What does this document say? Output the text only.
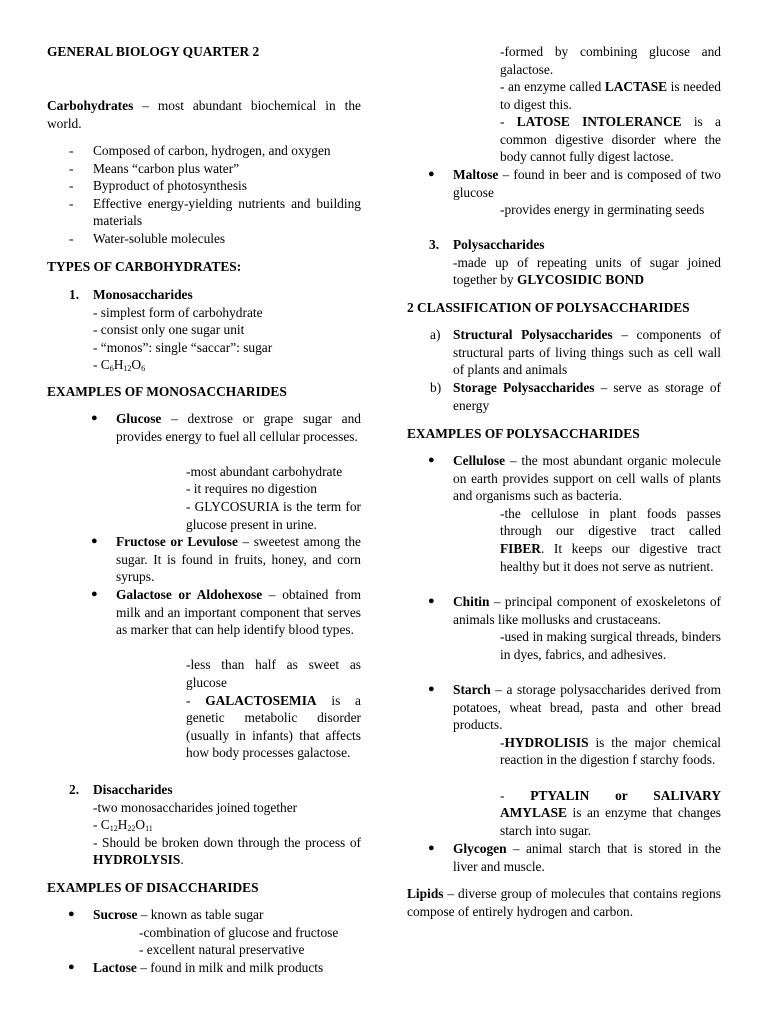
GENERAL BIOLOGY QUARTER 2
Carbohydrates – most abundant biochemical in the world.
- Composed of carbon, hydrogen, and oxygen
- Means “carbon plus water”
- Byproduct of photosynthesis
- Effective energy-yielding nutrients and building materials
- Water-soluble molecules
TYPES OF CARBOHYDRATES:
1. Monosaccharides
- simplest form of carbohydrate
- consist only one sugar unit
- “monos”: single “saccar”: sugar
- $C_6H_{12}O_6$
EXAMPLES OF MONOSACCHARIDES
● Glucose – dextrose or grape sugar and provides energy to fuel all cellular processes.
-most abundant carbohydrate
- it requires no digestion
- GLYCOSURIA is the term for glucose present in urine.
● Fructose or Levulose – sweetest among the sugar. It is found in fruits, honey, and corn syrups.
● Galactose or Aldohexose – obtained from milk and an important component that serves as marker that can help identify blood types.
-less than half as sweet as glucose
- GALACTOSEMIA is a genetic metabolic disorder (usually in infants) that affects how body processes galactose.
2. Disaccharides
-two monosaccharides joined together
- $C_{12}H_{22}O_{11}$
- Should be broken down through the process of HYDROLYSIS.
EXAMPLES OF DISACCHARIDES
● Sucrose – known as table sugar
-combination of glucose and fructose
- excellent natural preservative
● Lactose – found in milk and milk products
-formed by combining glucose and galactose.
- an enzyme called LACTASE is needed to digest this.
- LATOSE INTOLERANCE is a common digestive disorder where the body cannot fully digest lactose.
● Maltose – found in beer and is composed of two glucose
-provides energy in germinating seeds
3. Polysaccharides
-made up of repeating units of sugar joined together by GLYCOSIDIC BOND
2 CLASSIFICATION OF POLYSACCHARIDES
a) Structural Polysaccharides – components of structural parts of living things such as cell wall of plants and animals
b) Storage Polysaccharides – serve as storage of energy
EXAMPLES OF POLYSACCHARIDES
● Cellulose – the most abundant organic molecule on earth provides support on cell walls of plants and organisms such as bacteria.
-the cellulose in plant foods passes through our digestive tract called FIBER. It keeps our digestive tract healthy but it does not serve as nutrient.
● Chitin – principal component of exoskeletons of animals like mollusks and crustaceans.
-used in making surgical threads, binders in dyes, fabrics, and adhesives.
● Starch – a storage polysaccharides derived from potatoes, wheat bread, pasta and other bread products.
-HYDROLISIS is the major chemical reaction in the digestion f starchy foods.
- PTYALIN or SALIVARY AMYLASE is an enzyme that changes starch into sugar.
● Glycogen – animal starch that is stored in the liver and muscle.
Lipids – diverse group of molecules that contains regions compose of entirely hydrogen and carbon.
